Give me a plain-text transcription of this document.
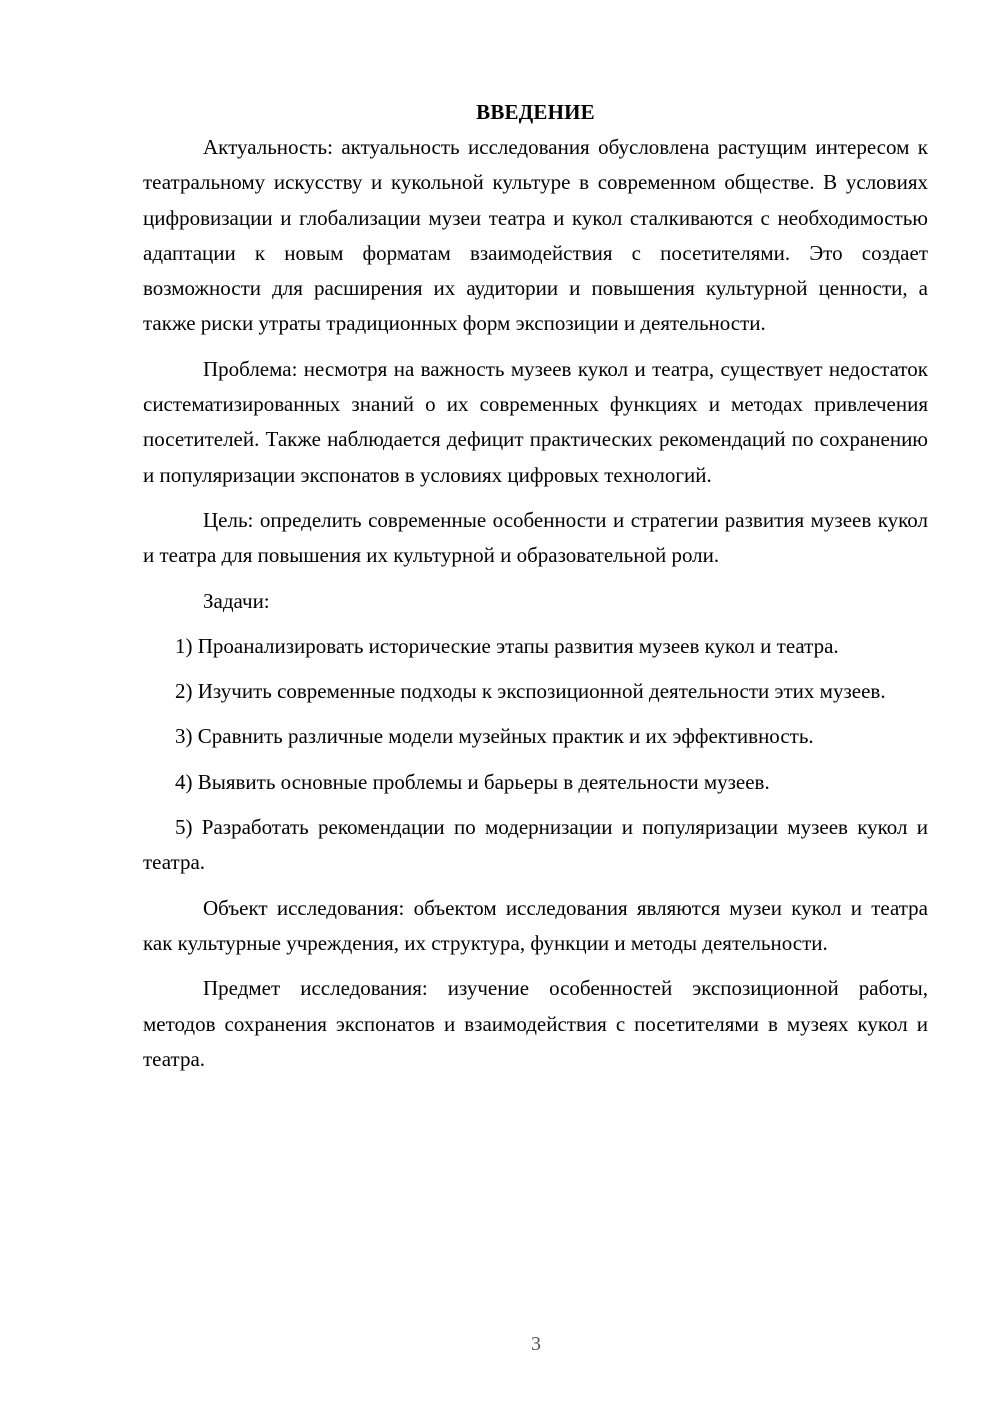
ВВЕДЕНИЕ

Актуальность: актуальность исследования обусловлена растущим интересом к театральному искусству и кукольной культуре в современном обществе. В условиях цифровизации и глобализации музеи театра и кукол сталкиваются с необходимостью адаптации к новым форматам взаимодействия с посетителями. Это создает возможности для расширения их аудитории и повышения культурной ценности, а также риски утраты традиционных форм экспозиции и деятельности.

Проблема: несмотря на важность музеев кукол и театра, существует недостаток систематизированных знаний о их современных функциях и методах привлечения посетителей. Также наблюдается дефицит практических рекомендаций по сохранению и популяризации экспонатов в условиях цифровых технологий.

Цель: определить современные особенности и стратегии развития музеев кукол и театра для повышения их культурной и образовательной роли.

Задачи:

1) Проанализировать исторические этапы развития музеев кукол и театра.

2) Изучить современные подходы к экспозиционной деятельности этих музеев.

3) Сравнить различные модели музейных практик и их эффективность.

4) Выявить основные проблемы и барьеры в деятельности музеев.

5) Разработать рекомендации по модернизации и популяризации музеев кукол и театра.

Объект исследования: объектом исследования являются музеи кукол и театра как культурные учреждения, их структура, функции и методы деятельности.

Предмет исследования: изучение особенностей экспозиционной работы, методов сохранения экспонатов и взаимодействия с посетителями в музеях кукол и театра.

3
